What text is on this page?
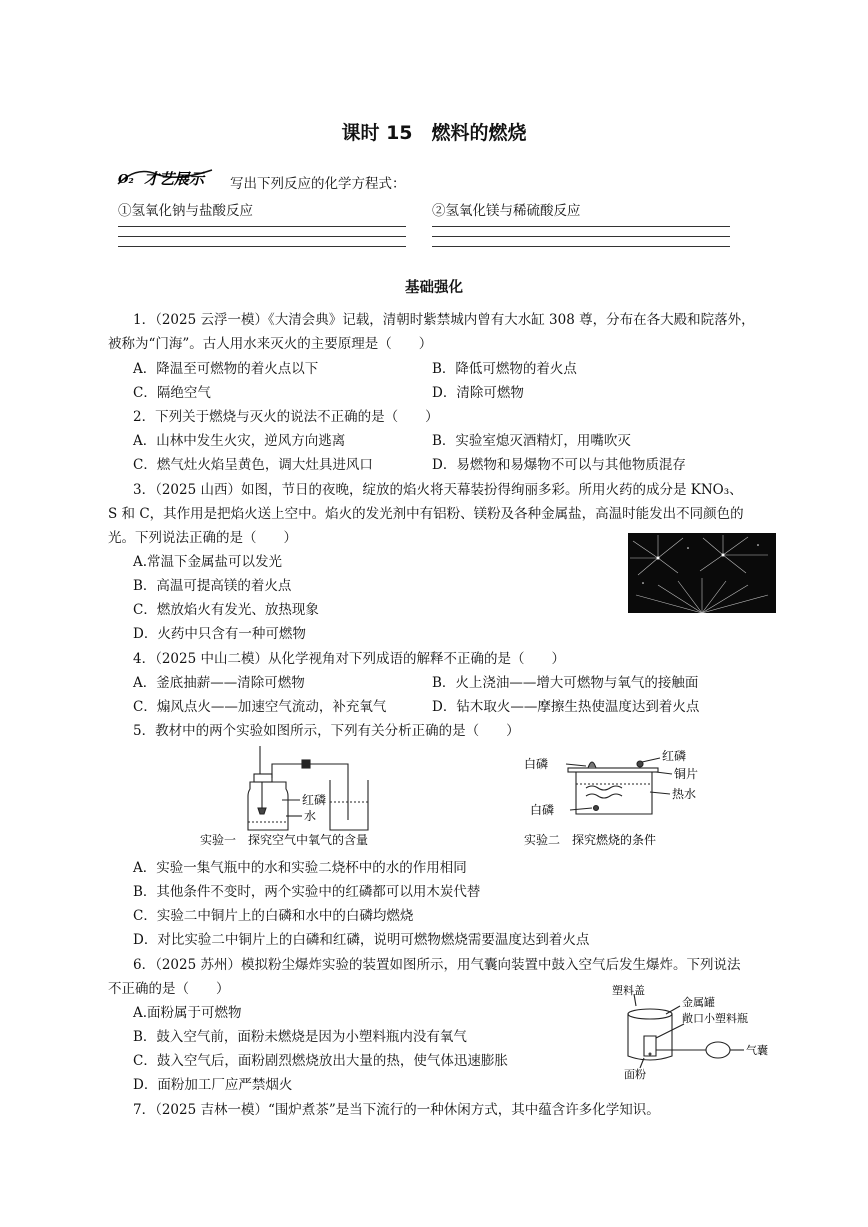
课时 15　燃料的燃烧
O₂ 才艺展示 写出下列反应的化学方程式：
①氢氧化钠与盐酸反应	②氢氧化镁与稀硫酸反应
基础强化
1．（2025 云浮一模）《大清会典》记载，清朝时紫禁城内曾有大水缸 308 尊，分布在各大殿和院落外，
被称为“门海”。古人用水来灭火的主要原理是（　　）
A．降温至可燃物的着火点以下	B．降低可燃物的着火点
C．隔绝空气	D．清除可燃物
2．下列关于燃烧与灭火的说法不正确的是（　　）
A．山林中发生火灾，逆风方向逃离	B．实验室熄灭酒精灯，用嘴吹灭
C．燃气灶火焰呈黄色，调大灶具进风口	D．易燃物和易爆物不可以与其他物质混存
3．（2025 山西）如图，节日的夜晚，绽放的焰火将天幕装扮得绚丽多彩。所用火药的成分是 KNO₃、
S 和 C，其作用是把焰火送上空中。焰火的发光剂中有铝粉、镁粉及各种金属盐，高温时能发出不同颜色的
光。下列说法正确的是（　　）
A.常温下金属盐可以发光
B．高温可提高镁的着火点
C．燃放焰火有发光、放热现象
D．火药中只含有一种可燃物
4．（2025 中山二模）从化学视角对下列成语的解释不正确的是（　　）
A．釜底抽薪——清除可燃物	B．火上浇油——增大可燃物与氧气的接触面
C．煽风点火——加速空气流动，补充氧气	D．钻木取火——摩擦生热使温度达到着火点
5．教材中的两个实验如图所示，下列有关分析正确的是（　　）
红磷
水
实验一　探究空气中氧气的含量
白磷
红磷
铜片
热水
白磷
实验二　探究燃烧的条件
A．实验一集气瓶中的水和实验二烧杯中的水的作用相同
B．其他条件不变时，两个实验中的红磷都可以用木炭代替
C．实验二中铜片上的白磷和水中的白磷均燃烧
D．对比实验二中铜片上的白磷和红磷，说明可燃物燃烧需要温度达到着火点
6．（2025 苏州）模拟粉尘爆炸实验的装置如图所示，用气囊向装置中鼓入空气后发生爆炸。下列说法
不正确的是（　　）
A.面粉属于可燃物
B．鼓入空气前，面粉未燃烧是因为小塑料瓶内没有氧气
C．鼓入空气后，面粉剧烈燃烧放出大量的热，使气体迅速膨胀
D．面粉加工厂应严禁烟火
塑料盖
金属罐
敞口小塑料瓶
气囊
面粉
7．（2025 吉林一模）“围炉煮茶”是当下流行的一种休闲方式，其中蕴含许多化学知识。
